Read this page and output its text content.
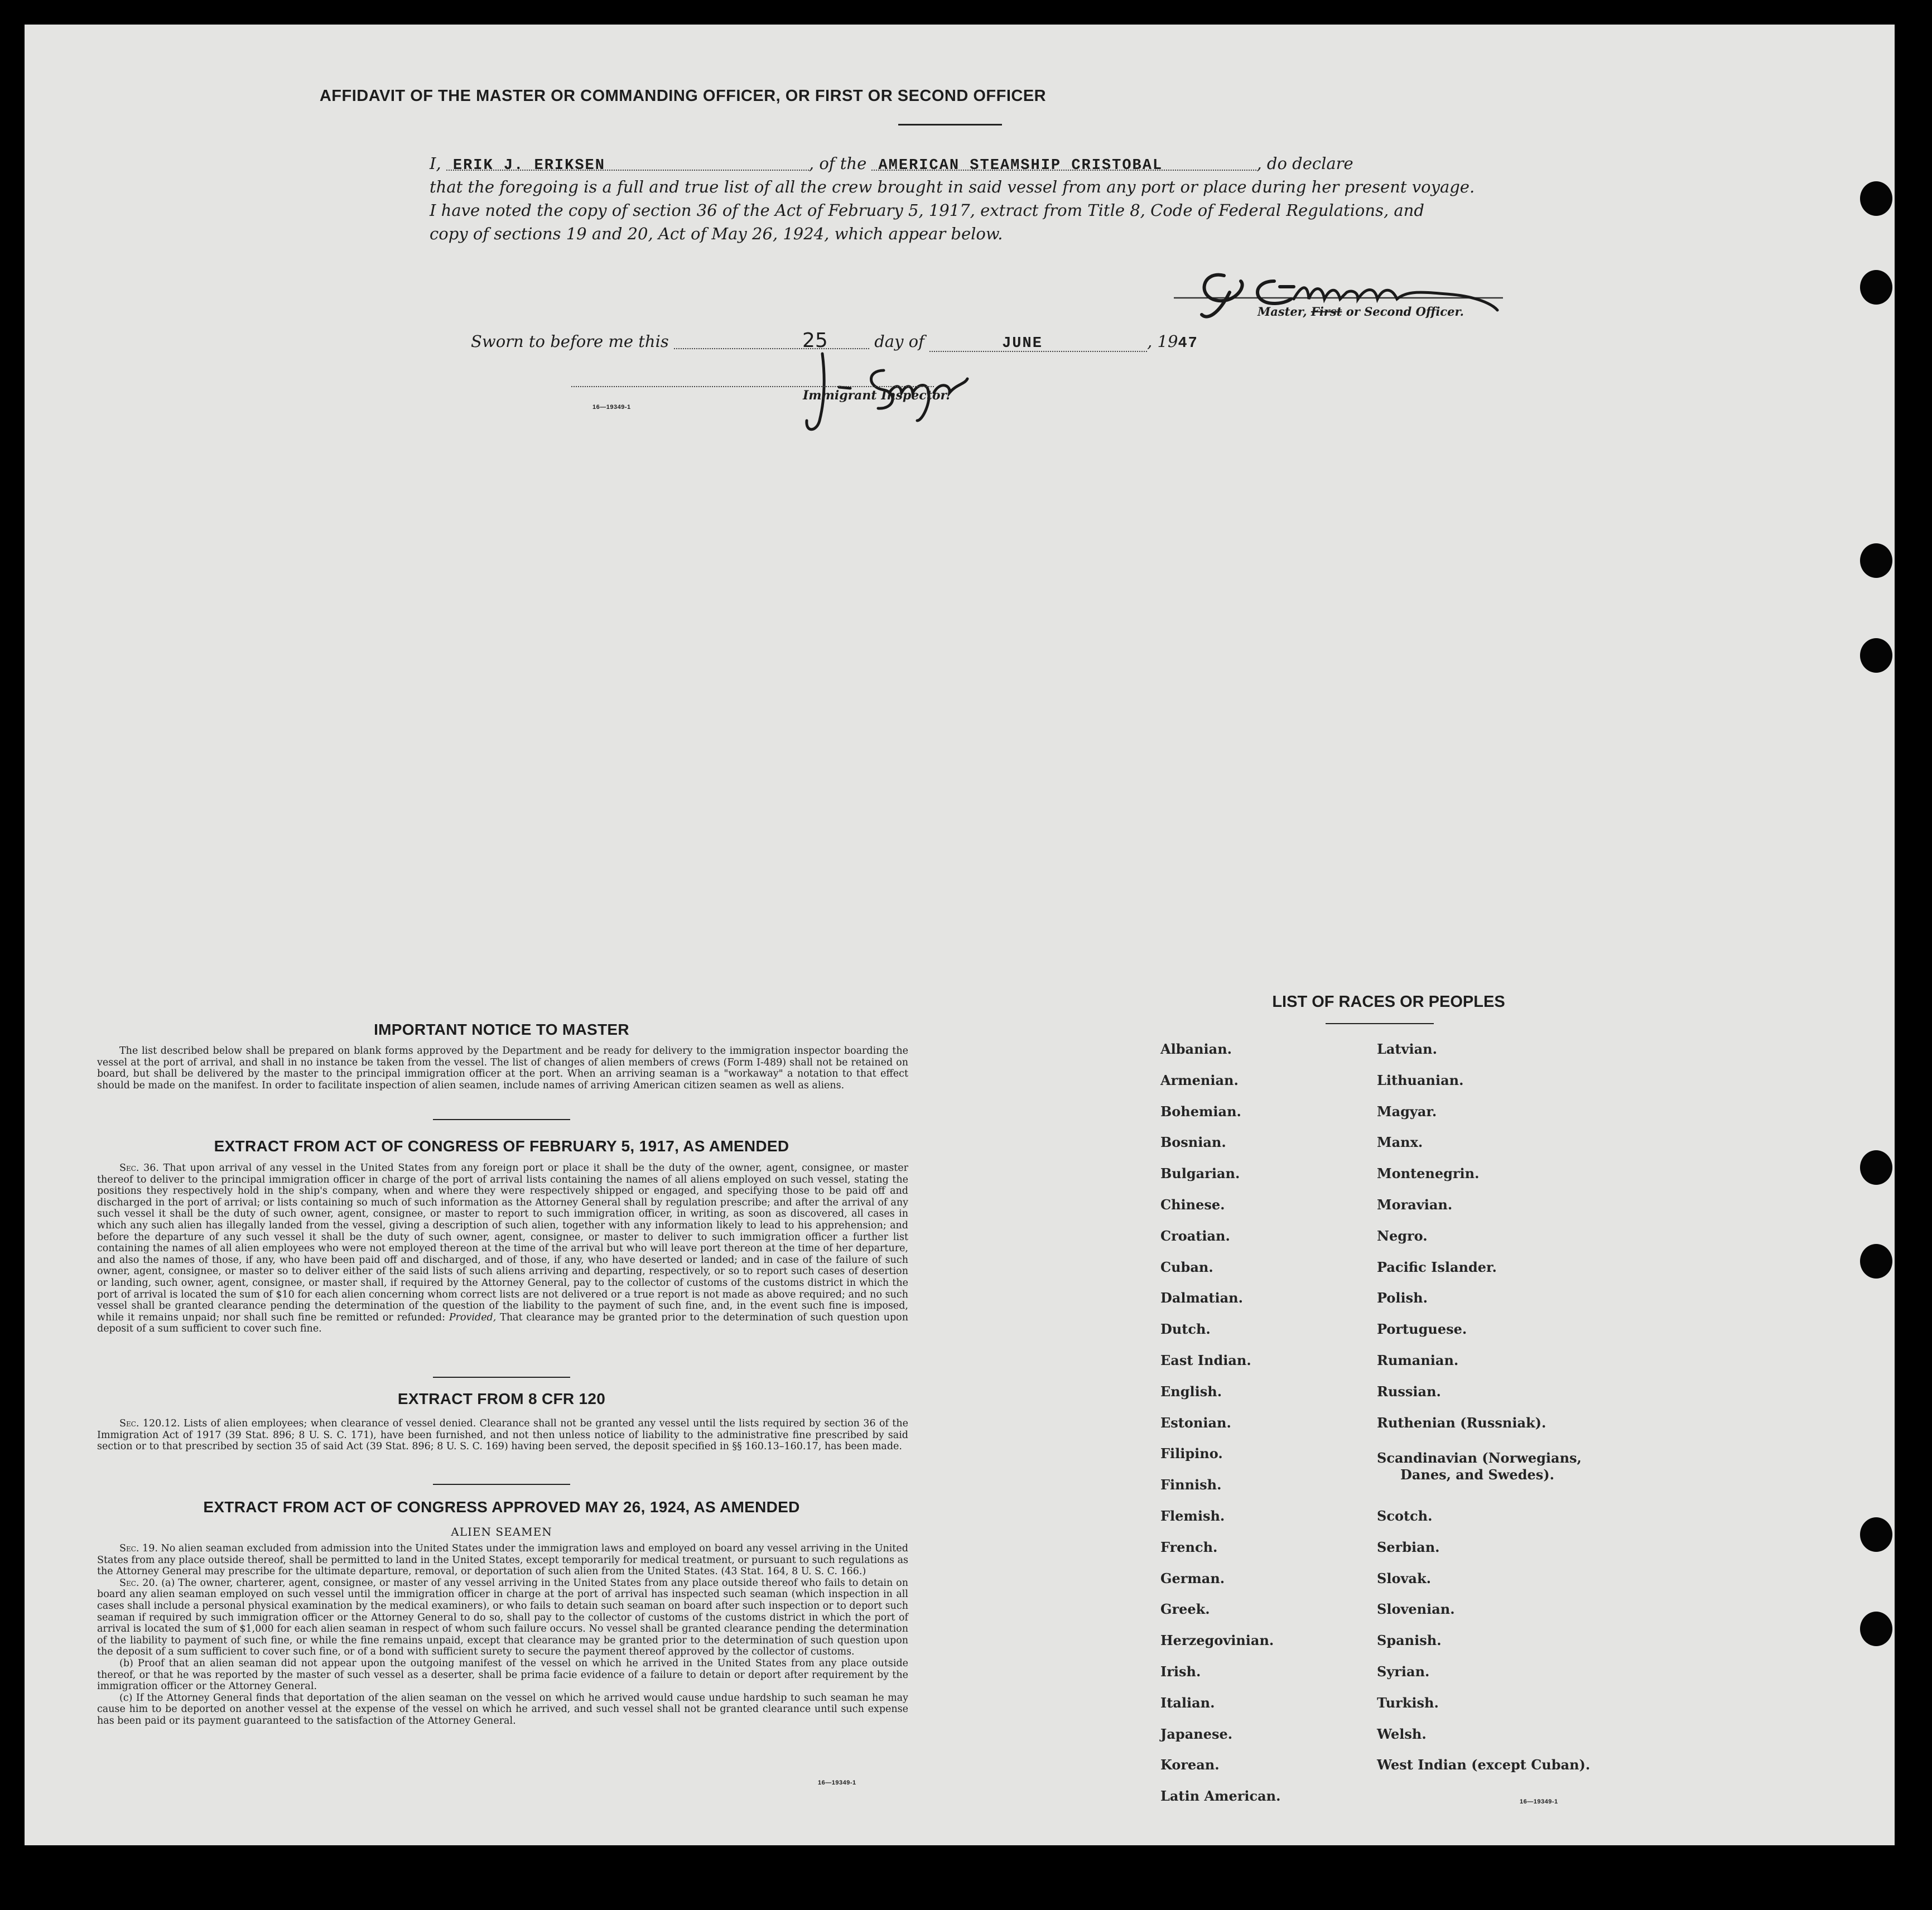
AFFIDAVIT OF THE MASTER OR COMMANDING OFFICER, OR FIRST OR SECOND OFFICER
I, ERIK J. ERIKSEN	, of the AMERICAN STEAMSHIP CRISTOBAL	, do declare
that the foregoing is a full and true list of all the crew brought in said vessel from any port or place during her present voyage.
I have noted the copy of section 36 of the Act of February 5, 1917, extract from Title 8, Code of Federal Regulations, and
copy of sections 19 and 20, Act of May 26, 1924, which appear below.
Master, First or Second Officer.
Sworn to before me this	25	day of	JUNE	, 1947
Immigrant Inspector.
16—19349-1
IMPORTANT NOTICE TO MASTER
The list described below shall be prepared on blank forms approved by the Department and be ready for delivery to the immigration inspector boarding the vessel at the port of arrival, and shall in no instance be taken from the vessel. The list of changes of alien members of crews (Form I-489) shall not be retained on board, but shall be delivered by the master to the principal immigration officer at the port. When an arriving seaman is a "workaway" a notation to that effect should be made on the manifest. In order to facilitate inspection of alien seamen, include names of arriving American citizen seamen as well as aliens.
EXTRACT FROM ACT OF CONGRESS OF FEBRUARY 5, 1917, AS AMENDED
Sec. 36. That upon arrival of any vessel in the United States from any foreign port or place it shall be the duty of the owner, agent, consignee, or master thereof to deliver to the principal immigration officer in charge of the port of arrival lists containing the names of all aliens employed on such vessel, stating the positions they respectively hold in the ship's company, when and where they were respectively shipped or engaged, and specifying those to be paid off and discharged in the port of arrival; or lists containing so much of such information as the Attorney General shall by regulation prescribe; and after the arrival of any such vessel it shall be the duty of such owner, agent, consignee, or master to report to such immigration officer, in writing, as soon as discovered, all cases in which any such alien has illegally landed from the vessel, giving a description of such alien, together with any information likely to lead to his apprehension; and before the departure of any such vessel it shall be the duty of such owner, agent, consignee, or master to deliver to such immigration officer a further list containing the names of all alien employees who were not employed thereon at the time of the arrival but who will leave port thereon at the time of her departure, and also the names of those, if any, who have been paid off and discharged, and of those, if any, who have deserted or landed; and in case of the failure of such owner, agent, consignee, or master so to deliver either of the said lists of such aliens arriving and departing, respectively, or so to report such cases of desertion or landing, such owner, agent, consignee, or master shall, if required by the Attorney General, pay to the collector of customs of the customs district in which the port of arrival is located the sum of $10 for each alien concerning whom correct lists are not delivered or a true report is not made as above required; and no such vessel shall be granted clearance pending the determination of the question of the liability to the payment of such fine, and, in the event such fine is imposed, while it remains unpaid; nor shall such fine be remitted or refunded: Provided, That clearance may be granted prior to the determination of such question upon deposit of a sum sufficient to cover such fine.
EXTRACT FROM 8 CFR 120
Sec. 120.12. Lists of alien employees; when clearance of vessel denied. Clearance shall not be granted any vessel until the lists required by section 36 of the Immigration Act of 1917 (39 Stat. 896; 8 U. S. C. 171), have been furnished, and not then unless notice of liability to the administrative fine prescribed by said section or to that prescribed by section 35 of said Act (39 Stat. 896; 8 U. S. C. 169) having been served, the deposit specified in §§ 160.13–160.17, has been made.
EXTRACT FROM ACT OF CONGRESS APPROVED MAY 26, 1924, AS AMENDED
ALIEN SEAMEN
Sec. 19. No alien seaman excluded from admission into the United States under the immigration laws and employed on board any vessel arriving in the United States from any place outside thereof, shall be permitted to land in the United States, except temporarily for medical treatment, or pursuant to such regulations as the Attorney General may prescribe for the ultimate departure, removal, or deportation of such alien from the United States. (43 Stat. 164, 8 U. S. C. 166.)
Sec. 20. (a) The owner, charterer, agent, consignee, or master of any vessel arriving in the United States from any place outside thereof who fails to detain on board any alien seaman employed on such vessel until the immigration officer in charge at the port of arrival has inspected such seaman (which inspection in all cases shall include a personal physical examination by the medical examiners), or who fails to detain such seaman on board after such inspection or to deport such seaman if required by such immigration officer or the Attorney General to do so, shall pay to the collector of customs of the customs district in which the port of arrival is located the sum of $1,000 for each alien seaman in respect of whom such failure occurs. No vessel shall be granted clearance pending the determination of the liability to payment of such fine, or while the fine remains unpaid, except that clearance may be granted prior to the determination of such question upon the deposit of a sum sufficient to cover such fine, or of a bond with sufficient surety to secure the payment thereof approved by the collector of customs.
(b) Proof that an alien seaman did not appear upon the outgoing manifest of the vessel on which he arrived in the United States from any place outside thereof, or that he was reported by the master of such vessel as a deserter, shall be prima facie evidence of a failure to detain or deport after requirement by the immigration officer or the Attorney General.
(c) If the Attorney General finds that deportation of the alien seaman on the vessel on which he arrived would cause undue hardship to such seaman he may cause him to be deported on another vessel at the expense of the vessel on which he arrived, and such vessel shall not be granted clearance until such expense has been paid or its payment guaranteed to the satisfaction of the Attorney General.
16—19349-1
LIST OF RACES OR PEOPLES
16—19349-1
Albanian.
Armenian.
Bohemian.
Bosnian.
Bulgarian.
Chinese.
Croatian.
Cuban.
Dalmatian.
Dutch.
East Indian.
English.
Estonian.
Filipino.
Finnish.
Flemish.
French.
German.
Greek.
Herzegovinian.
Irish.
Italian.
Japanese.
Korean.
Latin American.
Latvian.
Lithuanian.
Magyar.
Manx.
Montenegrin.
Moravian.
Negro.
Pacific Islander.
Polish.
Portuguese.
Rumanian.
Russian.
Ruthenian (Russniak).
Scandinavian (Norwegians,
Danes, and Swedes).
Scotch.
Serbian.
Slovak.
Slovenian.
Spanish.
Syrian.
Turkish.
Welsh.
West Indian (except Cuban).
